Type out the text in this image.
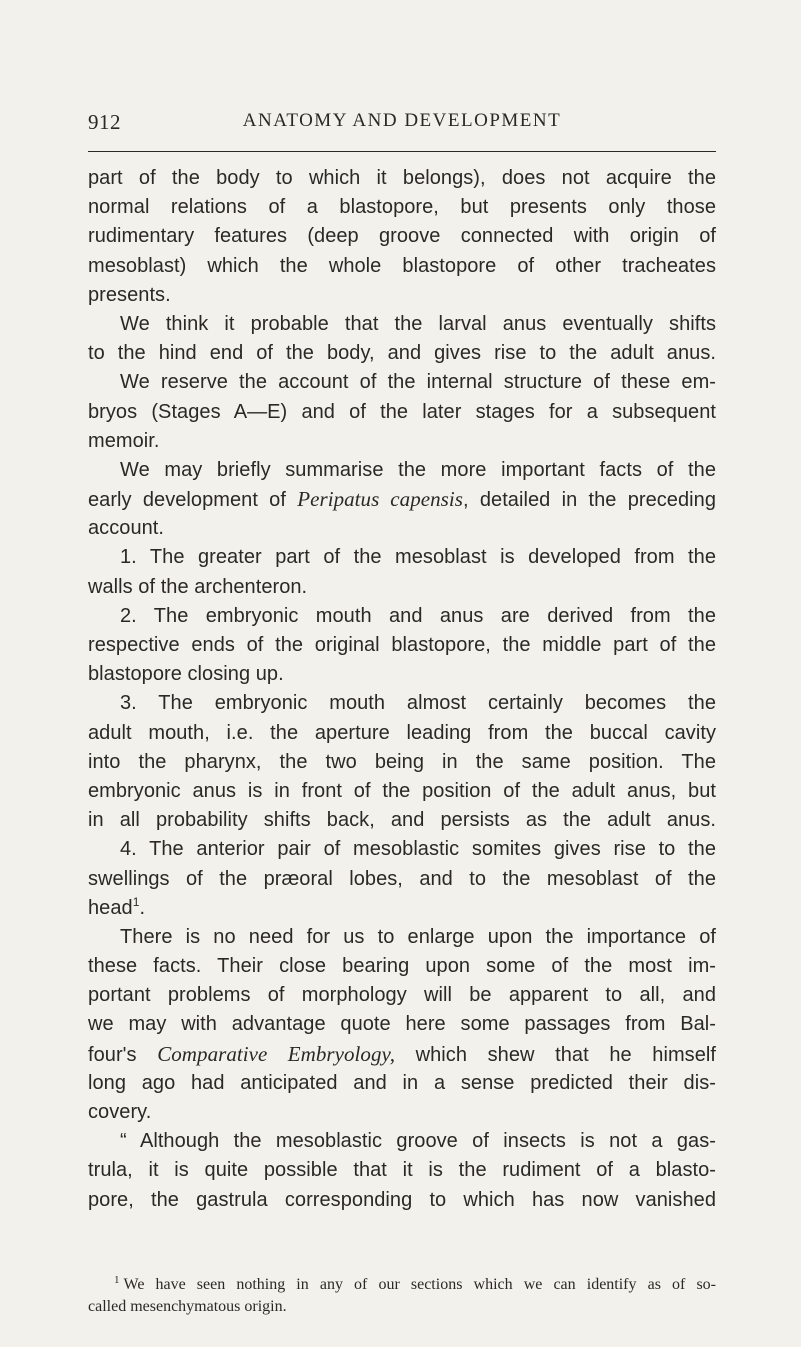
912	ANATOMY AND DEVELOPMENT
part of the body to which it belongs), does not acquire the
normal relations of a blastopore, but presents only those
rudimentary features (deep groove connected with origin of
mesoblast) which the whole blastopore of other tracheates
presents.
We think it probable that the larval anus eventually shifts
to the hind end of the body, and gives rise to the adult anus.
We reserve the account of the internal structure of these em-
bryos (Stages A—E) and of the later stages for a subsequent
memoir.
We may briefly summarise the more important facts of the
early development of Peripatus capensis, detailed in the preceding
account.
1. The greater part of the mesoblast is developed from the
walls of the archenteron.
2. The embryonic mouth and anus are derived from the
respective ends of the original blastopore, the middle part of the
blastopore closing up.
3. The embryonic mouth almost certainly becomes the
adult mouth, i.e. the aperture leading from the buccal cavity
into the pharynx, the two being in the same position. The
embryonic anus is in front of the position of the adult anus, but
in all probability shifts back, and persists as the adult anus.
4. The anterior pair of mesoblastic somites gives rise to the
swellings of the præoral lobes, and to the mesoblast of the
head$^1$.
There is no need for us to enlarge upon the importance of
these facts. Their close bearing upon some of the most im-
portant problems of morphology will be apparent to all, and
we may with advantage quote here some passages from Bal-
four's Comparative Embryology, which shew that he himself
long ago had anticipated and in a sense predicted their dis-
covery.
“ Although the mesoblastic groove of insects is not a gas-
trula, it is quite possible that it is the rudiment of a blasto-
pore, the gastrula corresponding to which has now vanished
$^1$ We have seen nothing in any of our sections which we can identify as of so-
called mesenchymatous origin.
